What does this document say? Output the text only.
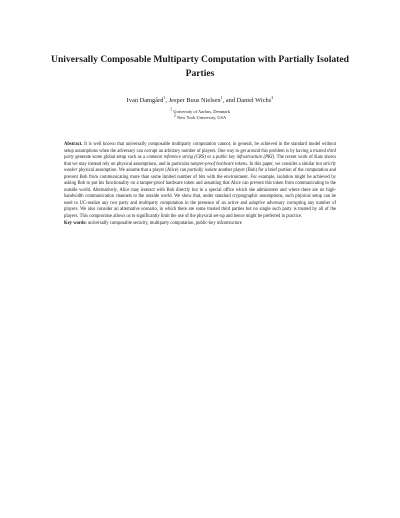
Universally Composable Multiparty Computation with Partially Isolated Parties

Ivan Damgård$^1$, Jesper Buus Nielsen$^1$, and Daniel Wichs$^2$

$^1$ University of Aarhus, Denmark
$^2$ New York University, USA

Abstract. It is well known that universally composable multiparty computation cannot, in general, be achieved in the standard model without setup assumptions when the adversary can corrupt an arbitrary number of players. One way to get around this problem is by having a trusted third party generate some global setup such as a common reference string (CRS) or a public key infrastructure (PKI). The recent work of Katz shows that we may instead rely on physical assumptions, and in particular tamper-proof hardware tokens. In this paper, we consider a similar but strictly weaker physical assumption. We assume that a player (Alice) can partially isolate another player (Bob) for a brief portion of the computation and prevent Bob from communicating more than some limited number of bits with the environment. For example, isolation might be achieved by asking Bob to put his functionality on a tamper-proof hardware token and assuming that Alice can prevent this token from communicating to the outside world. Alternatively, Alice may interact with Bob directly but in a special office which she administers and where there are no high-bandwidth communication channels to the outside world. We show that, under standard cryptographic assumptions, such physical setup can be used to UC-realize any two party and multiparty computation in the presence of an active and adaptive adversary corrupting any number of players. We also consider an alternative scenario, in which there are some trusted third parties but no single such party is trusted by all of the players. This compromise allows us to significantly limit the use of the physical set-up and hence might be preferred in practice.

Key words: universally composable security, multiparty computation, public-key infrastructure
